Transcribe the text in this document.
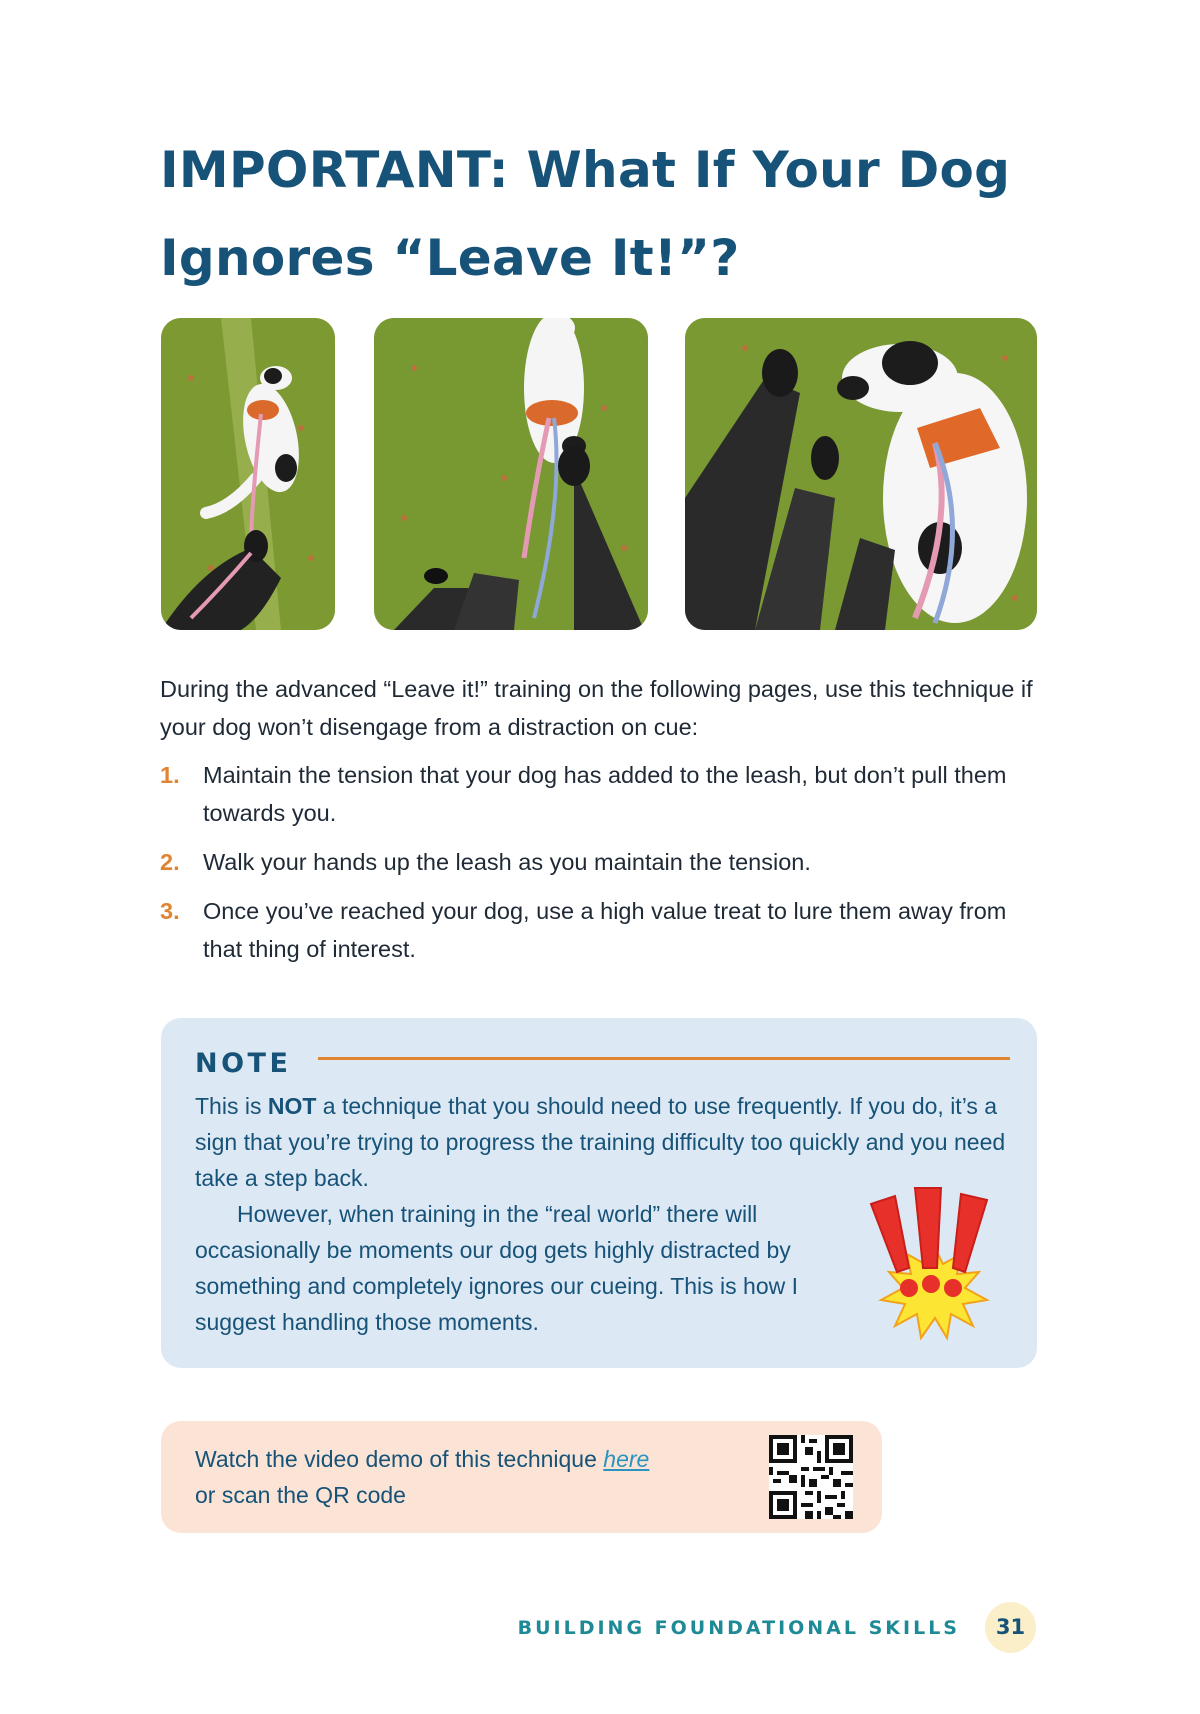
IMPORTANT: What If Your Dog Ignores “Leave It!”?

During the advanced “Leave it!” training on the following pages, use this technique if your dog won’t disengage from a distraction on cue:

1. Maintain the tension that your dog has added to the leash, but don’t pull them towards you.
2. Walk your hands up the leash as you maintain the tension.
3. Once you’ve reached your dog, use a high value treat to lure them away from that thing of interest.
NOTE

This is NOT a technique that you should need to use frequently. If you do, it’s a sign that you’re trying to progress the training difficulty too quickly and you need take a step back.

However, when training in the “real world” there will occasionally be moments our dog gets highly distracted by something and completely ignores our cueing. This is how I suggest handling those moments.

Watch the video demo of this technique here
or scan the QR code
BUILDING FOUNDATIONAL SKILLS	31
